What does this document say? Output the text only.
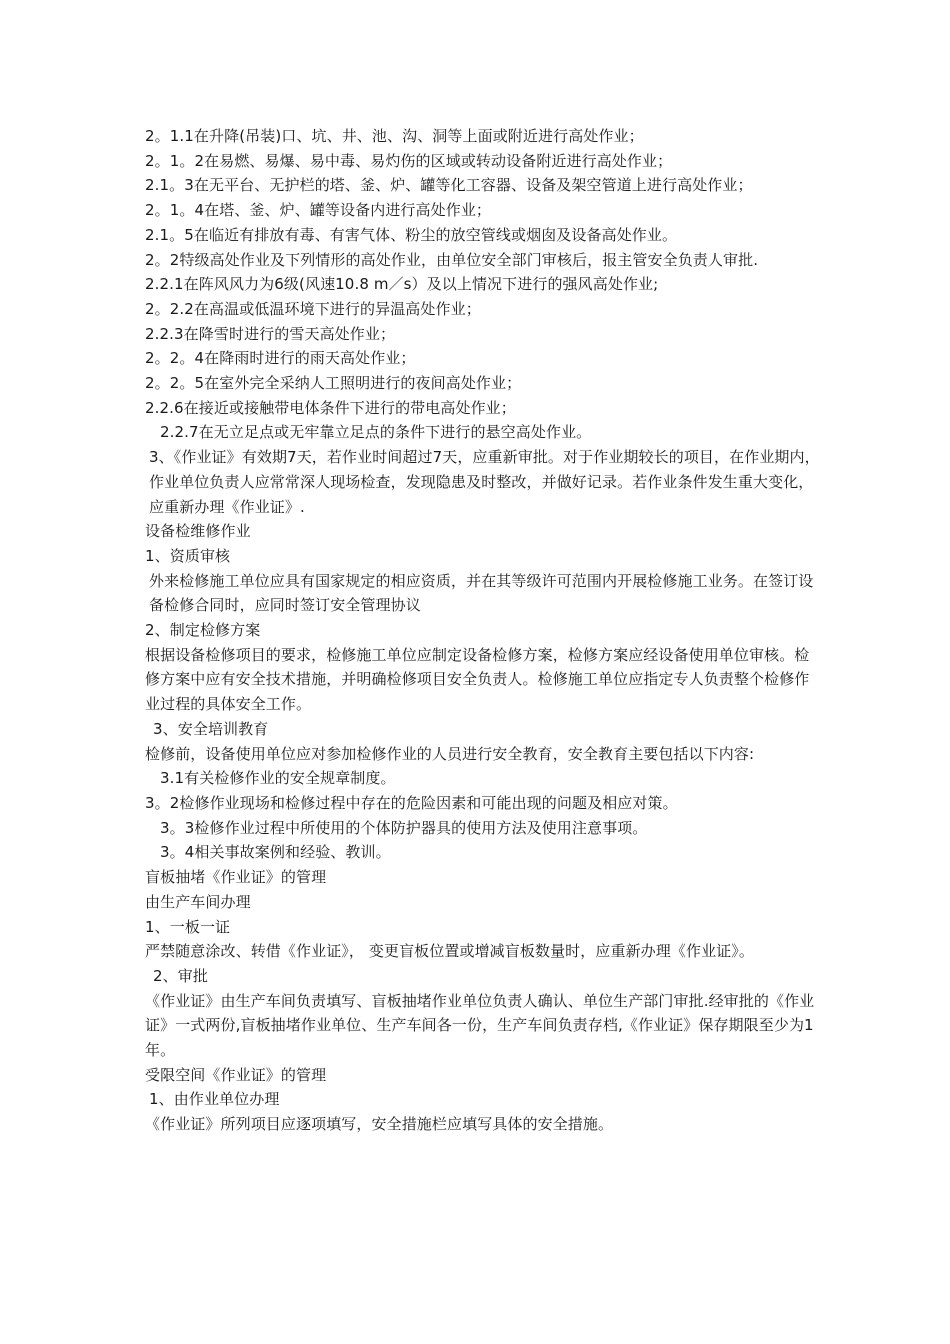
2。1.1在升降(吊装)口、坑、井、池、沟、洞等上面或附近进行高处作业；
2。1。2在易燃、易爆、易中毒、易灼伤的区域或转动设备附近进行高处作业；
2.1。3在无平台、无护栏的塔、釜、炉、罐等化工容器、设备及架空管道上进行高处作业；
2。1。4在塔、釜、炉、罐等设备内进行高处作业；
2.1。5在临近有排放有毒、有害气体、粉尘的放空管线或烟囱及设备高处作业。
2。2特级高处作业及下列情形的高处作业，由单位安全部门审核后，报主管安全负责人审批.
2.2.1在阵风风力为6级(风速10.8 m／s）及以上情况下进行的强风高处作业;
2。2.2在高温或低温环境下进行的异温高处作业；
2.2.3在降雪时进行的雪天高处作业；
2。2。4在降雨时进行的雨天高处作业；
2。2。5在室外完全采纳人工照明进行的夜间高处作业；
2.2.6在接近或接触带电体条件下进行的带电高处作业；
2.2.7在无立足点或无牢靠立足点的条件下进行的悬空高处作业。
3、《作业证》有效期7天，若作业时间超过7天，应重新审批。对于作业期较长的项目，在作业期内，作业单位负责人应常常深人现场检查，发现隐患及时整改，并做好记录。若作业条件发生重大变化，应重新办理《作业证》.
设备检维修作业
1、资质审核
外来检修施工单位应具有国家规定的相应资质，并在其等级许可范围内开展检修施工业务。在签订设备检修合同时，应同时签订安全管理协议
2、制定检修方案
根据设备检修项目的要求，检修施工单位应制定设备检修方案，检修方案应经设备使用单位审核。检修方案中应有安全技术措施，并明确检修项目安全负责人。检修施工单位应指定专人负责整个检修作业过程的具体安全工作。
3、安全培训教育
检修前，设备使用单位应对参加检修作业的人员进行安全教育，安全教育主要包括以下内容:
3.1有关检修作业的安全规章制度。
3。2检修作业现场和检修过程中存在的危险因素和可能出现的问题及相应对策。
3。3检修作业过程中所使用的个体防护器具的使用方法及使用注意事项。
3。4相关事故案例和经验、教训。
盲板抽堵《作业证》的管理
由生产车间办理
1、一板一证
严禁随意涂改、转借《作业证》， 变更盲板位置或增减盲板数量时，应重新办理《作业证》。
2、审批
《作业证》由生产车间负责填写、盲板抽堵作业单位负责人确认、单位生产部门审批.经审批的《作业证》一式两份,盲板抽堵作业单位、生产车间各一份，生产车间负责存档,《作业证》保存期限至少为1年。
受限空间《作业证》的管理
1、由作业单位办理
《作业证》所列项目应逐项填写，安全措施栏应填写具体的安全措施。
